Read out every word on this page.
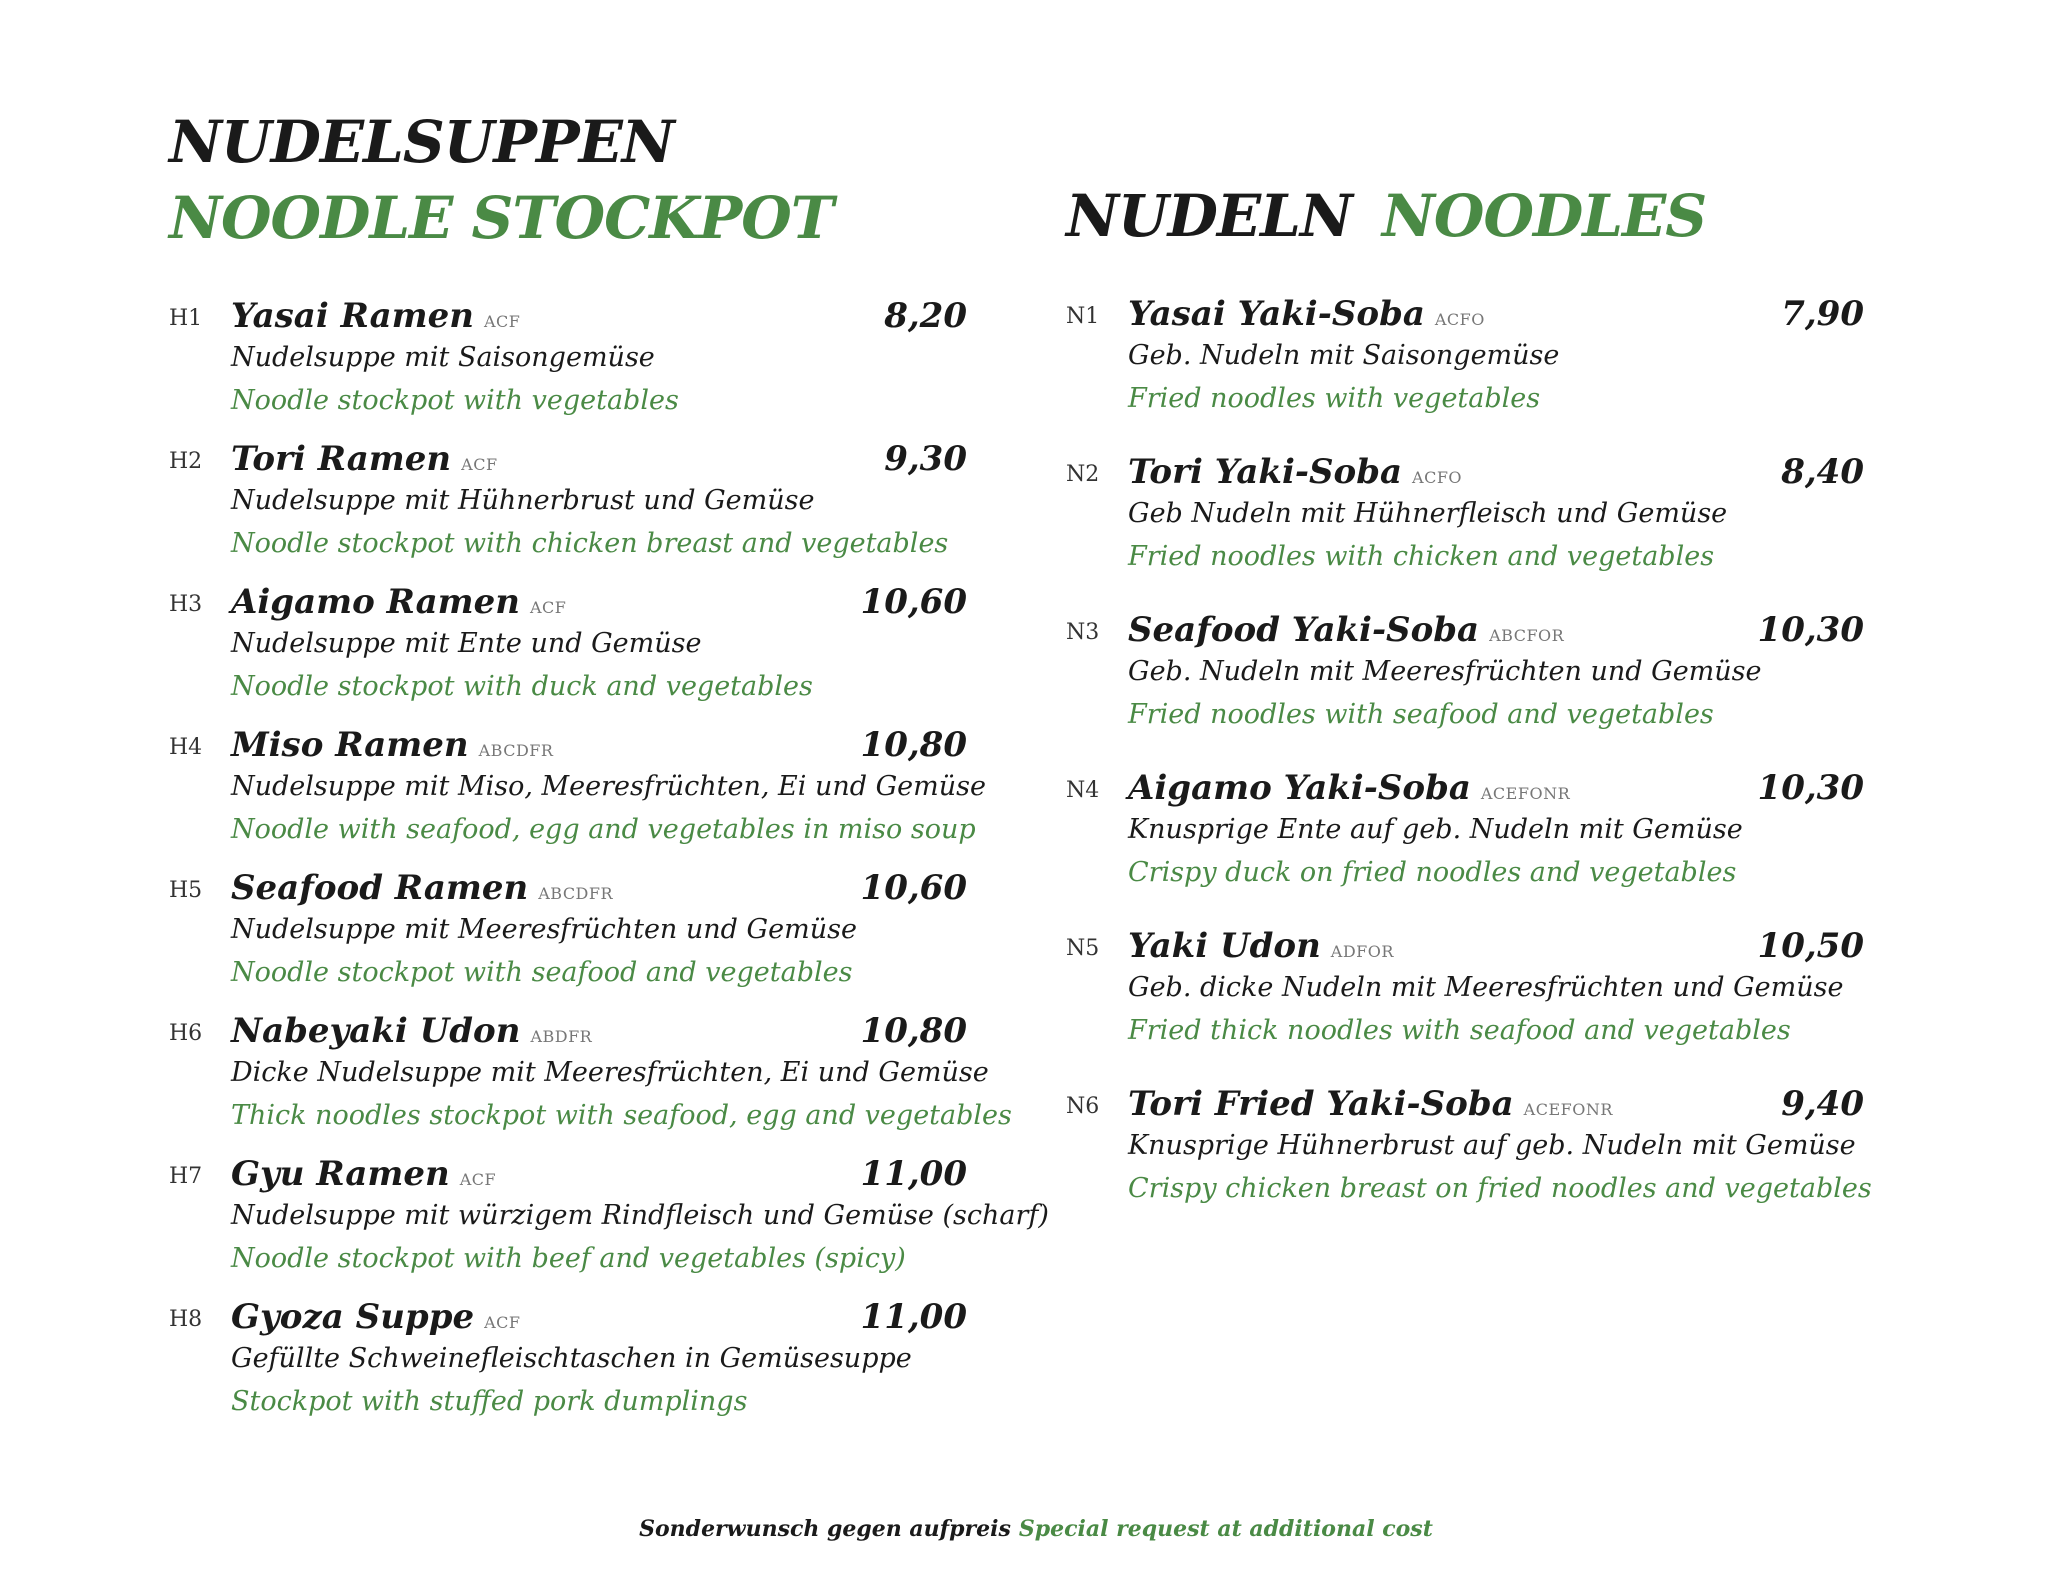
NUDELSUPPEN
NOODLE STOCKPOT
H1 Yasai Ramen ACF	8,20
Nudelsuppe mit Saisongemüse
Noodle stockpot with vegetables
H2 Tori Ramen ACF	9,30
Nudelsuppe mit Hühnerbrust und Gemüse
Noodle stockpot with chicken breast and vegetables
H3 Aigamo Ramen ACF	10,60
Nudelsuppe mit Ente und Gemüse
Noodle stockpot with duck and vegetables
H4 Miso Ramen ABCDFR	10,80
Nudelsuppe mit Miso, Meeresfrüchten, Ei und Gemüse
Noodle with seafood, egg and vegetables in miso soup
H5 Seafood Ramen ABCDFR	10,60
Nudelsuppe mit Meeresfrüchten und Gemüse
Noodle stockpot with seafood and vegetables
H6 Nabeyaki Udon ABDFR	10,80
Dicke Nudelsuppe mit Meeresfrüchten, Ei und Gemüse
Thick noodles stockpot with seafood, egg and vegetables
H7 Gyu Ramen ACF	11,00
Nudelsuppe mit würzigem Rindfleisch und Gemüse (scharf)
Noodle stockpot with beef and vegetables (spicy)
H8 Gyoza Suppe ACF	11,00
Gefüllte Schweinefleischtaschen in Gemüsesuppe
Stockpot with stuffed pork dumplings
NUDELN NOODLES
N1 Yasai Yaki-Soba ACFO	7,90
Geb. Nudeln mit Saisongemüse
Fried noodles with vegetables
N2 Tori Yaki-Soba ACFO	8,40
Geb Nudeln mit Hühnerfleisch und Gemüse
Fried noodles with chicken and vegetables
N3 Seafood Yaki-Soba ABCFOR	10,30
Geb. Nudeln mit Meeresfrüchten und Gemüse
Fried noodles with seafood and vegetables
N4 Aigamo Yaki-Soba ACEFONR	10,30
Knusprige Ente auf geb. Nudeln mit Gemüse
Crispy duck on fried noodles and vegetables
N5 Yaki Udon ADFOR	10,50
Geb. dicke Nudeln mit Meeresfrüchten und Gemüse
Fried thick noodles with seafood and vegetables
N6 Tori Fried Yaki-Soba ACEFONR	9,40
Knusprige Hühnerbrust auf geb. Nudeln mit Gemüse
Crispy chicken breast on fried noodles and vegetables
Sonderwunsch gegen aufpreis Special request at additional cost
